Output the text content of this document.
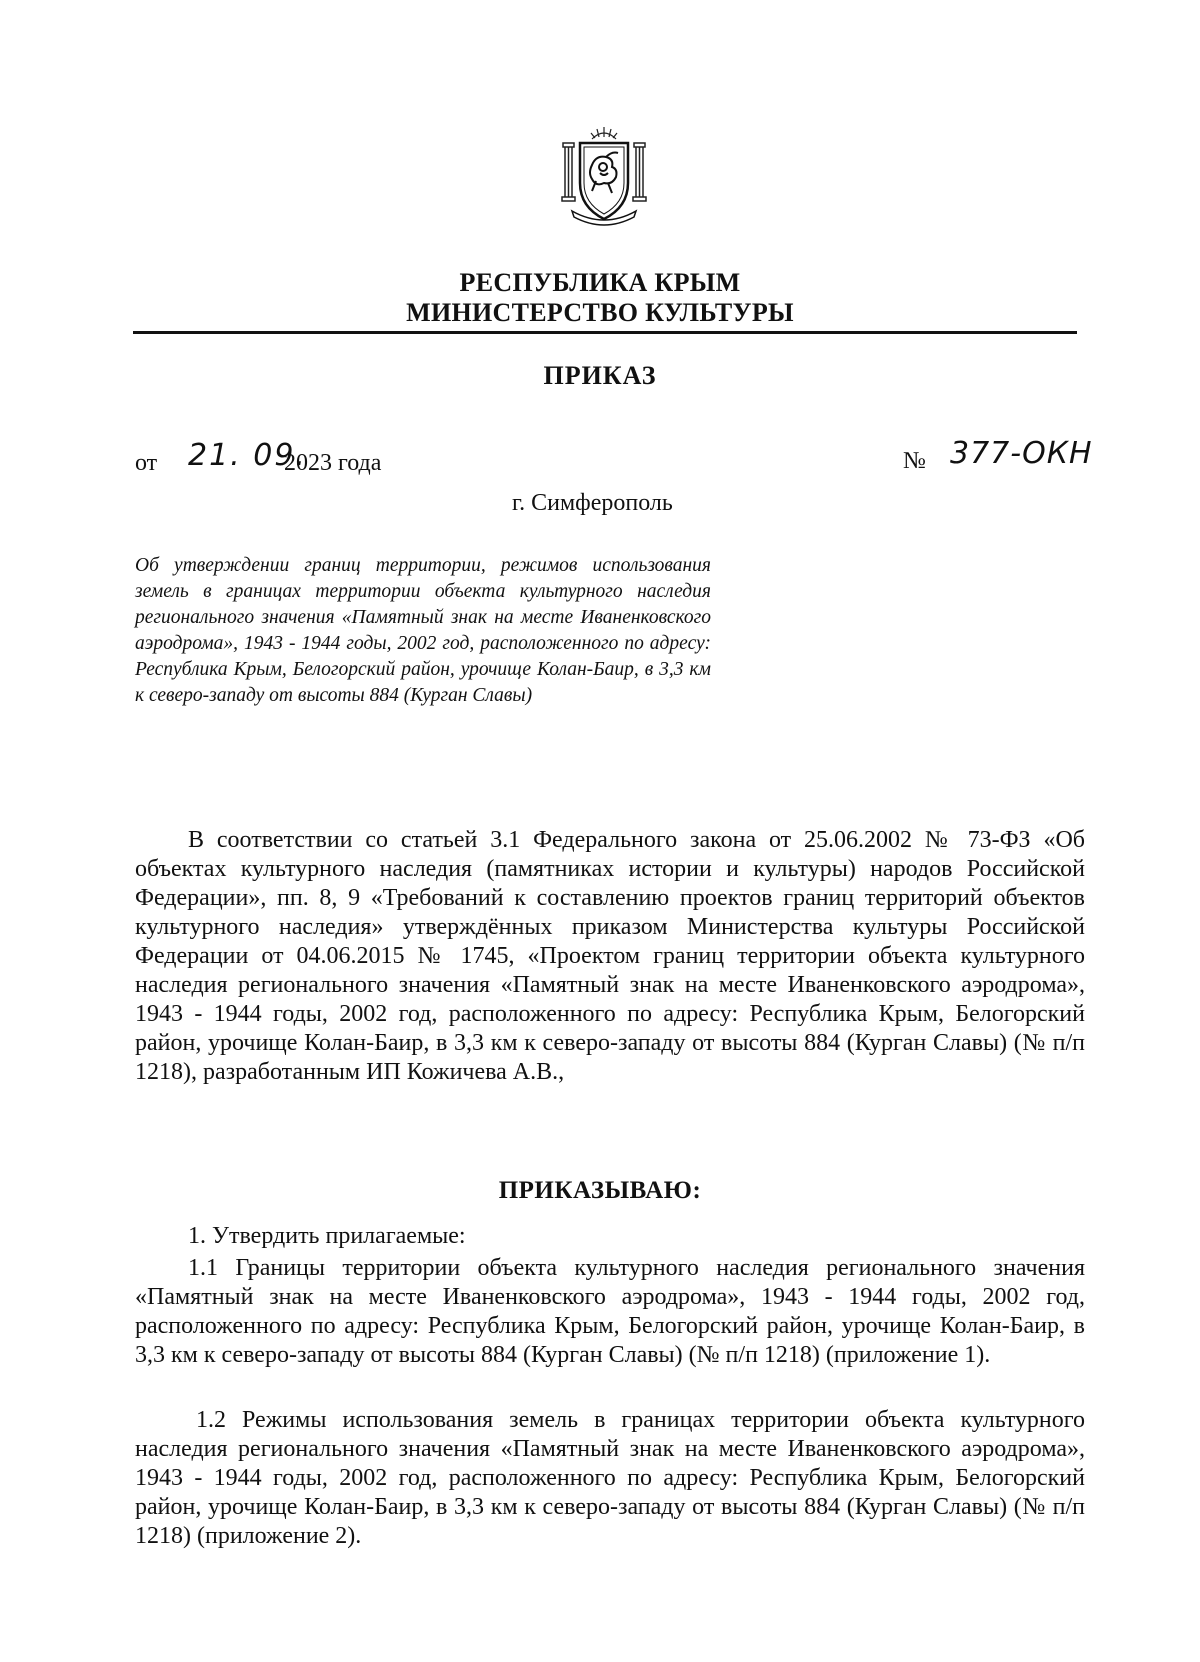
РЕСПУБЛИКА КРЫМ
МИНИСТЕРСТВО КУЛЬТУРЫ
ПРИКАЗ
от 21. 09.
2023 года	№ 377-ОКН
г. Симферополь
Об утверждении границ территории, режимов использования земель в границах территории объекта культурного наследия регионального значения «Памятный знак на месте Иваненковского аэродрома», 1943 - 1944 годы, 2002 год, расположенного по адресу: Республика Крым, Белогорский район, урочище Колан-Баир, в 3,3 км к северо-западу от высоты 884 (Курган Славы)

В соответствии со статьей 3.1 Федерального закона от 25.06.2002 № 73-ФЗ «Об объектах культурного наследия (памятниках истории и культуры) народов Российской Федерации», пп. 8, 9 «Требований к составлению проектов границ территорий объектов культурного наследия» утверждённых приказом Министерства культуры Российской Федерации от 04.06.2015 № 1745, «Проектом границ территории объекта культурного наследия регионального значения «Памятный знак на месте Иваненковского аэродрома», 1943 - 1944 годы, 2002 год, расположенного по адресу: Республика Крым, Белогорский район, урочище Колан-Баир, в 3,3 км к северо-западу от высоты 884 (Курган Славы) (№ п/п 1218), разработанным ИП Кожичева А.В.,

ПРИКАЗЫВАЮ:

1. Утвердить прилагаемые:

1.1 Границы территории объекта культурного наследия регионального значения «Памятный знак на месте Иваненковского аэродрома», 1943 - 1944 годы, 2002 год, расположенного по адресу: Республика Крым, Белогорский район, урочище Колан-Баир, в 3,3 км к северо-западу от высоты 884 (Курган Славы) (№ п/п 1218) (приложение 1).

1.2 Режимы использования земель в границах территории объекта культурного наследия регионального значения «Памятный знак на месте Иваненковского аэродрома», 1943 - 1944 годы, 2002 год, расположенного по адресу: Республика Крым, Белогорский район, урочище Колан-Баир, в 3,3 км к северо-западу от высоты 884 (Курган Славы) (№ п/п 1218) (приложение 2).
